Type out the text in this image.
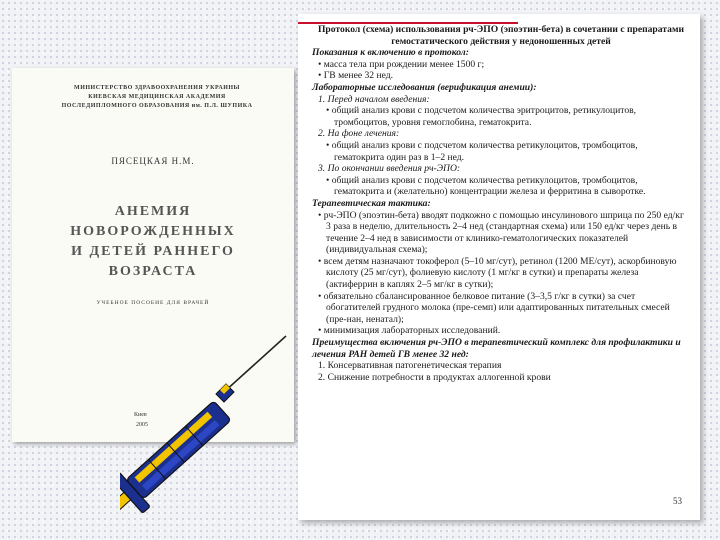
МИНИСТЕРСТВО ЗДРАВООХРАНЕНИЯ УКРАИНЫ
КИЕВСКАЯ МЕДИЦИНСКАЯ АКАДЕМИЯ
ПОСЛЕДИПЛОМНОГО ОБРАЗОВАНИЯ им. П.Л. ШУПИКА
ПЯСЕЦКАЯ Н.М.
АНЕМИЯ
НОВОРОЖДЕННЫХ
И ДЕТЕЙ РАННЕГО
ВОЗРАСТА
УЧЕБНОЕ ПОСОБИЕ ДЛЯ ВРАЧЕЙ
Киев
2005

Протокол (схема) использования рч-ЭПО (эпоэтин-бета) в сочетании с препаратами гемостатического действия у недоношенных детей

Показания к включению в протокол:

• масса тела при рождении менее 1500 г;

• ГВ менее 32 нед.

Лабораторные исследования (верификация анемии):

1. Перед началом введения:

• общий анализ крови с подсчетом количества эритроцитов, ретикулоцитов, тромбоцитов, уровня гемоглобина, гематокрита.

2. На фоне лечения:

• общий анализ крови с подсчетом количества ретикулоцитов, тромбоцитов, гематокрита один раз в 1–2 нед.

3. По окончании введения рч-ЭПО:

• общий анализ крови с подсчетом количества ретикулоцитов, тромбоцитов, гематокрита и (желательно) концентрации железа и ферритина в сыворотке.

Терапевтическая тактика:

• рч-ЭПО (эпоэтин-бета) вводят подкожно с помощью инсулинового шприца по 250 ед/кг 3 раза в неделю, длительность 2–4 нед (стандартная схема) или 150 ед/кг через день в течение 2–4 нед в зависимости от клинико-гематологических показателей (индивидуальная схема);

• всем детям назначают токоферол (5–10 мг/сут), ретинол (1200 МЕ/сут), аскорбиновую кислоту (25 мг/сут), фолиевую кислоту (1 мг/кг в сутки) и препараты железа (актиферрин в каплях 2–5 мг/кг в сутки);

• обязательно сбалансированное белковое питание (3–3,5 г/кг в сутки) за счет обогатителей грудного молока (пре-семп) или адаптированных питательных смесей (пре-нан, ненатал);

• минимизация лабораторных исследований.

Преимущества включения рч-ЭПО в терапевтический комплекс для профилактики и лечения РАН детей ГВ менее 32 нед:

1. Консервативная патогенетическая терапия

2. Снижение потребности в продуктах аллогенной крови

53
